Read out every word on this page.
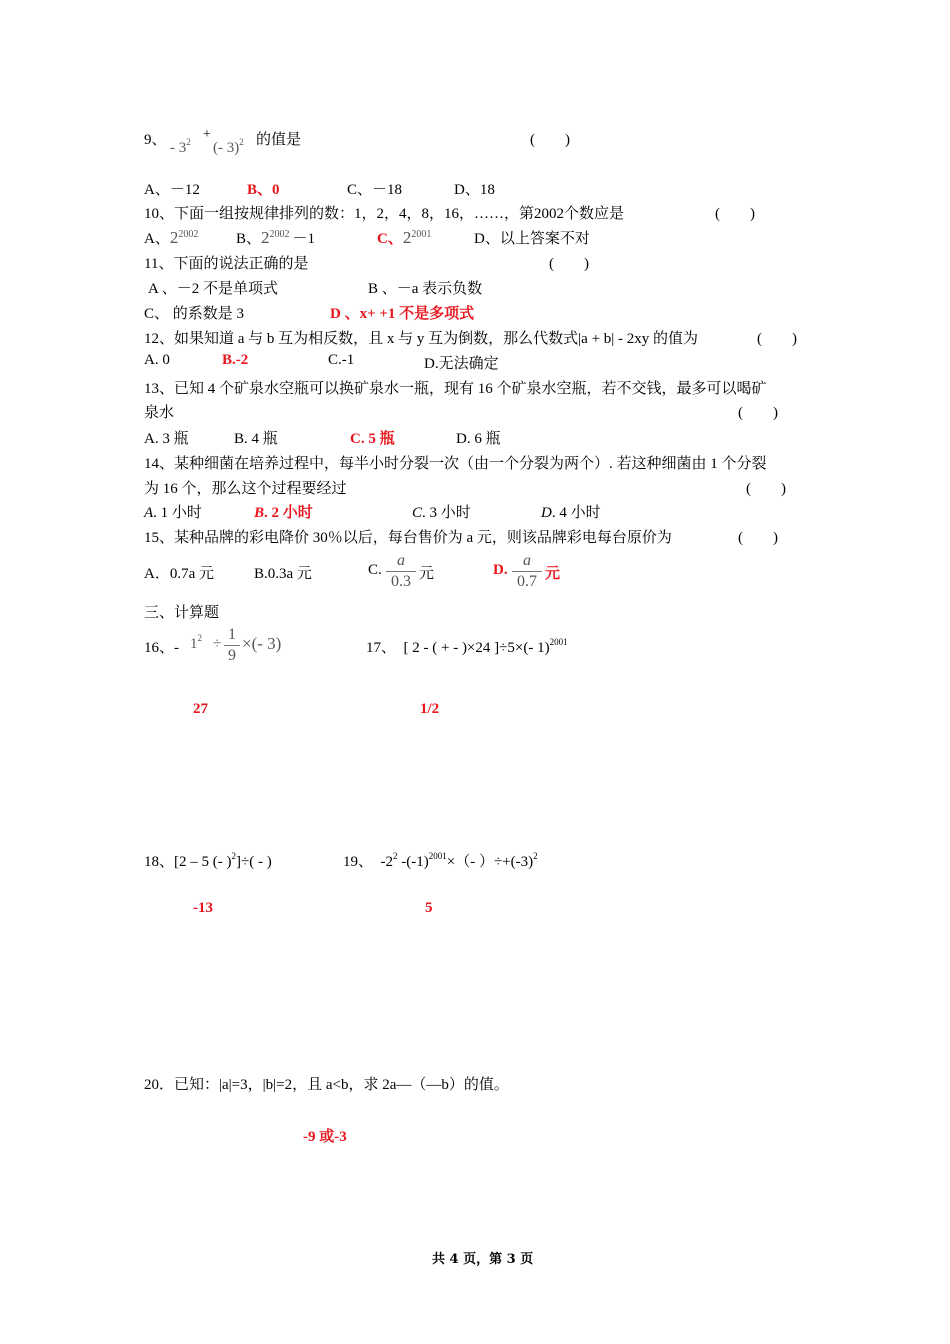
9、 - $3^2$ +
(- 3)$^2$ 的值是	(　　)
A、－12	B、0	C、－18	D、18
10、下面一组按规律排列的数：1，2，4，8，16，……，第2002个数应是	(　　)
A、$2^{2002}$	B、$2^{2002} -1$	C、$2^{2001}$	D、以上答案不对
11、下面的说法正确的是	(　　)
A 、－2 不是单项式	B 、－a 表示负数
C、 的系数是 3	D 、x+ +1 不是多项式
12、如果知道 a 与 b 互为相反数，且 x 与 y 互为倒数，那么代数式|a + b| - 2xy 的值为	(　　)
A. 0	B.-2	C.-1	D.无法确定
13、已知 4 个矿泉水空瓶可以换矿泉水一瓶，现有 16 个矿泉水空瓶，若不交钱，最多可以喝矿
泉水	(　　)
A. 3 瓶	B. 4 瓶	C. 5 瓶	D. 6 瓶
14、某种细菌在培养过程中，每半小时分裂一次（由一个分裂为两个）. 若这种细菌由 1 个分裂
为 16 个，那么这个过程要经过	(　　)
A. 1 小时	B. 2 小时	C. 3 小时	D. 4 小时
15、某种品牌的彩电降价 30％以后，每台售价为 a 元，则该品牌彩电每台原价为	(　　)
A．0.7a 元	B.0.3a 元	C.
a
0.3 元	D.
a
0.7 元
三、计算题
16、- $1^2$ ÷
1
9
×(- 3)
27
17、　[ 2 - ( + - )×24 ]÷5×(- 1)$^{2001}$
1/2
18、[2 – 5 (- )$^2$]÷( - )
-13
19、　$-2^2$ $-(-1)^{2001}\times(-$ ）$\div+(-3)^2$
5
20．已知：|a|=3，|b|=2，且 a<b，求 2a—（—b）的值。
-9 或-3
共 4 页，第 3 页
